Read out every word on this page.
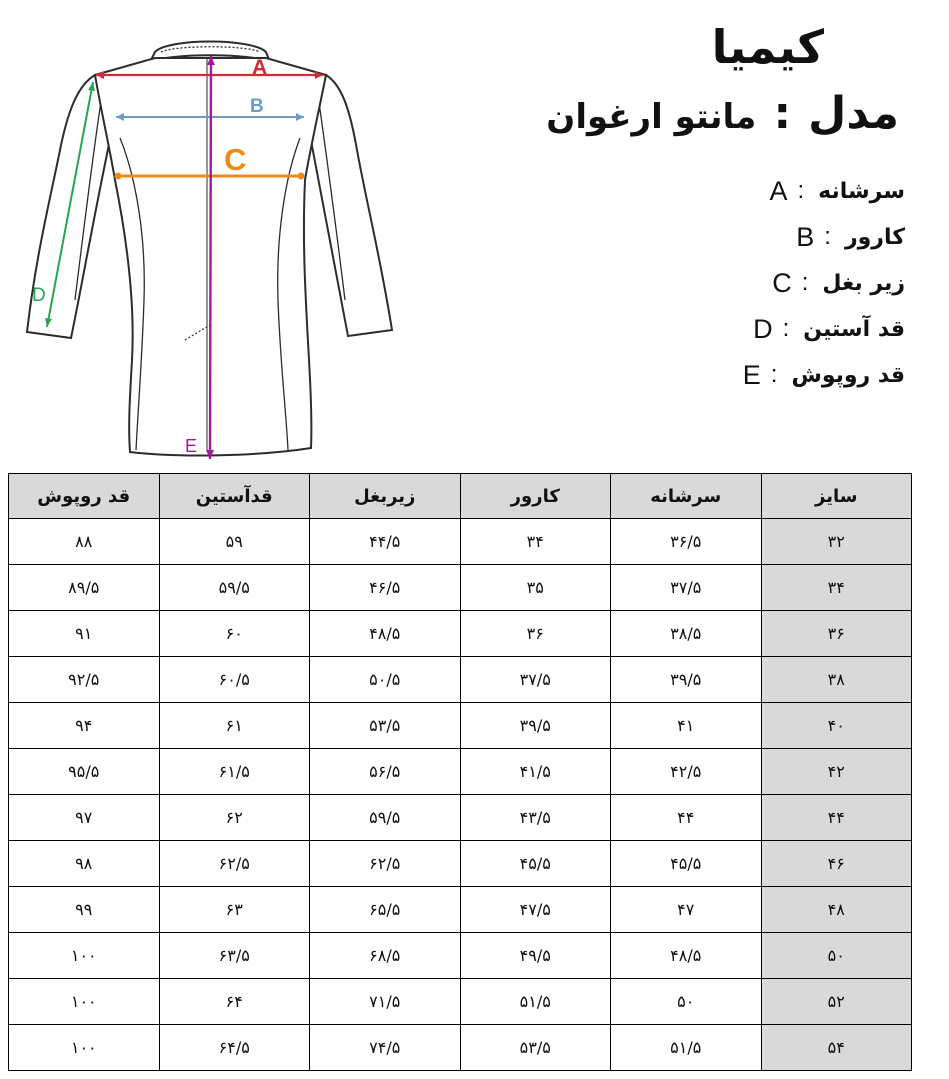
A
B
C
D
E
کیمیا
مدل : مانتو ارغوان
A : سرشانه
B : کارور
C : زیر بغل
D : قد آستین
E : قد روپوش
سایز	سرشانه	کارور	زیربغل	قدآستین	قد روپوش
۳۲	۳۶/۵	۳۴	۴۴/۵	۵۹	۸۸
۳۴	۳۷/۵	۳۵	۴۶/۵	۵۹/۵	۸۹/۵
۳۶	۳۸/۵	۳۶	۴۸/۵	۶۰	۹۱
۳۸	۳۹/۵	۳۷/۵	۵۰/۵	۶۰/۵	۹۲/۵
۴۰	۴۱	۳۹/۵	۵۳/۵	۶۱	۹۴
۴۲	۴۲/۵	۴۱/۵	۵۶/۵	۶۱/۵	۹۵/۵
۴۴	۴۴	۴۳/۵	۵۹/۵	۶۲	۹۷
۴۶	۴۵/۵	۴۵/۵	۶۲/۵	۶۲/۵	۹۸
۴۸	۴۷	۴۷/۵	۶۵/۵	۶۳	۹۹
۵۰	۴۸/۵	۴۹/۵	۶۸/۵	۶۳/۵	۱۰۰
۵۲	۵۰	۵۱/۵	۷۱/۵	۶۴	۱۰۰
۵۴	۵۱/۵	۵۳/۵	۷۴/۵	۶۴/۵	۱۰۰
